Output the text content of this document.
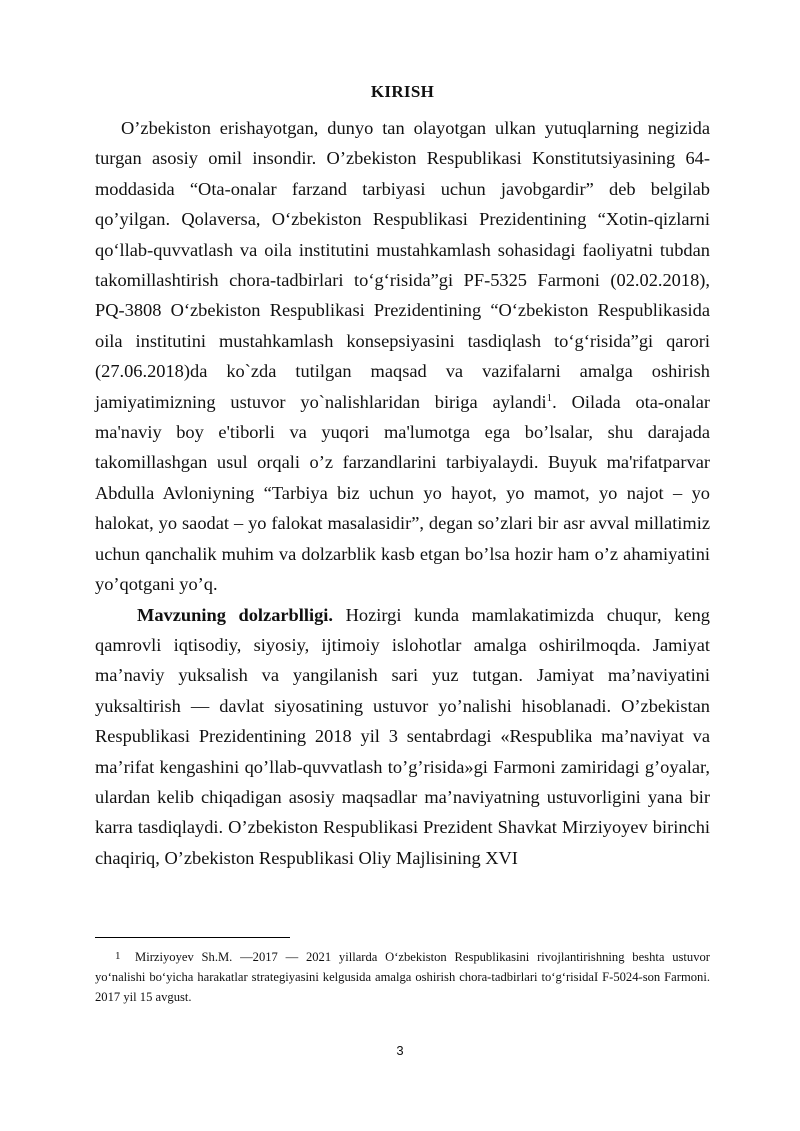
KIRISH

O’zbekiston erishayotgan, dunyo tan olayotgan ulkan yutuqlarning negizida turgan asosiy omil insondir. O’zbekiston Respublikasi Konstitutsiyasining 64-moddasida “Ota-onalar farzand tarbiyasi uchun javobgardir” deb belgilab qo’yilgan. Qolaversa, O‘zbekiston Respublikasi Prezidentining “Xotin-qizlarni qo‘llab-quvvatlash va oila institutini mustahkamlash sohasidagi faoliyatni tubdan takomillashtirish chora-tadbirlari to‘g‘risida”gi PF-5325 Farmoni (02.02.2018), PQ-3808 O‘zbekiston Respublikasi Prezidentining “O‘zbekiston Respublikasida oila institutini mustahkamlash konsepsiyasini tasdiqlash to‘g‘risida”gi qarori (27.06.2018)da ko`zda tutilgan maqsad va vazifalarni amalga oshirish jamiyatimizning ustuvor yo`nalishlaridan biriga aylandi$^1$. Oilada ota-onalar ma'naviy boy e'tiborli va yuqori ma'lumotga ega bo’lsalar, shu darajada takomillashgan usul orqali o’z farzandlarini tarbiyalaydi. Buyuk ma'rifatparvar Abdulla Avloniyning “Tarbiya biz uchun yo hayot, yo mamot, yo najot – yo halokat, yo saodat – yo falokat masalasidir”, degan so’zlari bir asr avval millatimiz uchun qanchalik muhim va dolzarblik kasb etgan bo’lsa hozir ham o’z ahamiyatini yo’qotgani yo’q.

Mavzuning dolzarblligi. Hozirgi kunda mamlakatimizda chuqur, keng qamrovli iqtisodiy, siyosiy, ijtimoiy islohotlar amalga oshirilmoqda. Jamiyat ma’naviy yuksalish va yangilanish sari yuz tutgan. Jamiyat ma’naviyatini yuksaltirish — davlat siyosatining ustuvor yo’nalishi hisoblanadi. O’zbekistan Respublikasi Prezidentining 2018 yil 3 sentabrdagi «Respublika ma’naviyat va ma’rifat kengashini qo’llab-quvvatlash to’g’risida»gi Farmoni zamiridagi g’oyalar, ulardan kelib chiqadigan asosiy maqsadlar ma’naviyatning ustuvorligini yana bir karra tasdiqlaydi. O’zbekiston Respublikasi Prezident Shavkat Mirziyoyev birinchi chaqiriq, O’zbekiston Respublikasi Oliy Majlisining XVI

1 Mirziyoyev Sh.M. ―2017 — 2021 yillarda O‘zbekiston Respublikasini rivojlantirishning beshta ustuvor yo‘nalishi bo‘yicha harakatlar strategiyasini kelgusida amalga oshirish chora-tadbirlari to‘g‘risidaI F-5024-son Farmoni. 2017 yil 15 avgust.

3
